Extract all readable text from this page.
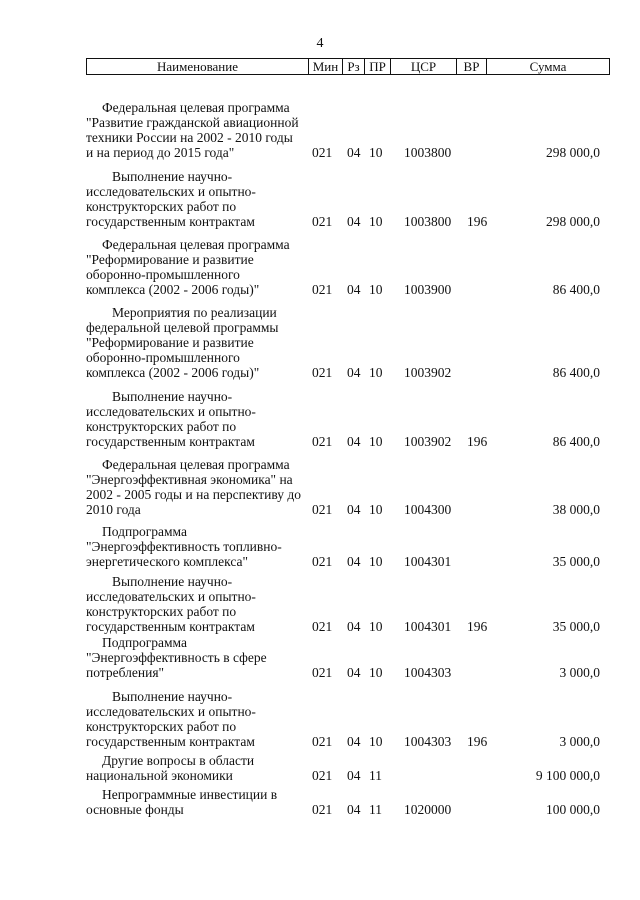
4
Наименование	Мин Рз ПР	ЦСР	ВР	Сумма
Федеральная целевая программа
"Развитие гражданской авиационной
техники России на 2002 - 2010 годы
и на период до 2015 года"	021 04 10 1003800	298 000,0
Выполнение научно-
исследовательских и опытно-
конструкторских работ по
государственным контрактам	021 04 10 1003800 196	298 000,0
Федеральная целевая программа
"Реформирование и развитие
оборонно-промышленного
комплекса (2002 - 2006 годы)"	021 04 10 1003900	86 400,0
Мероприятия по реализации
федеральной целевой программы
"Реформирование и развитие
оборонно-промышленного
комплекса (2002 - 2006 годы)"	021 04 10 1003902	86 400,0
Выполнение научно-
исследовательских и опытно-
конструкторских работ по
государственным контрактам	021 04 10 1003902 196	86 400,0
Федеральная целевая программа
"Энергоэффективная экономика" на
2002 - 2005 годы и на перспективу до
2010 года	021 04 10 1004300	38 000,0
Подпрограмма
"Энергоэффективность топливно-
энергетического комплекса"	021 04 10 1004301	35 000,0
Выполнение научно-
исследовательских и опытно-
конструкторских работ по
государственным контрактам	021 04 10 1004301 196	35 000,0
Подпрограмма
"Энергоэффективность в сфере
потребления"	021 04 10 1004303	3 000,0
Выполнение научно-
исследовательских и опытно-
конструкторских работ по
государственным контрактам	021 04 10 1004303 196	3 000,0
Другие вопросы в области
национальной экономики	021 04 11	9 100 000,0
Непрограммные инвестиции в
основные фонды	021 04 11 1020000	100 000,0
